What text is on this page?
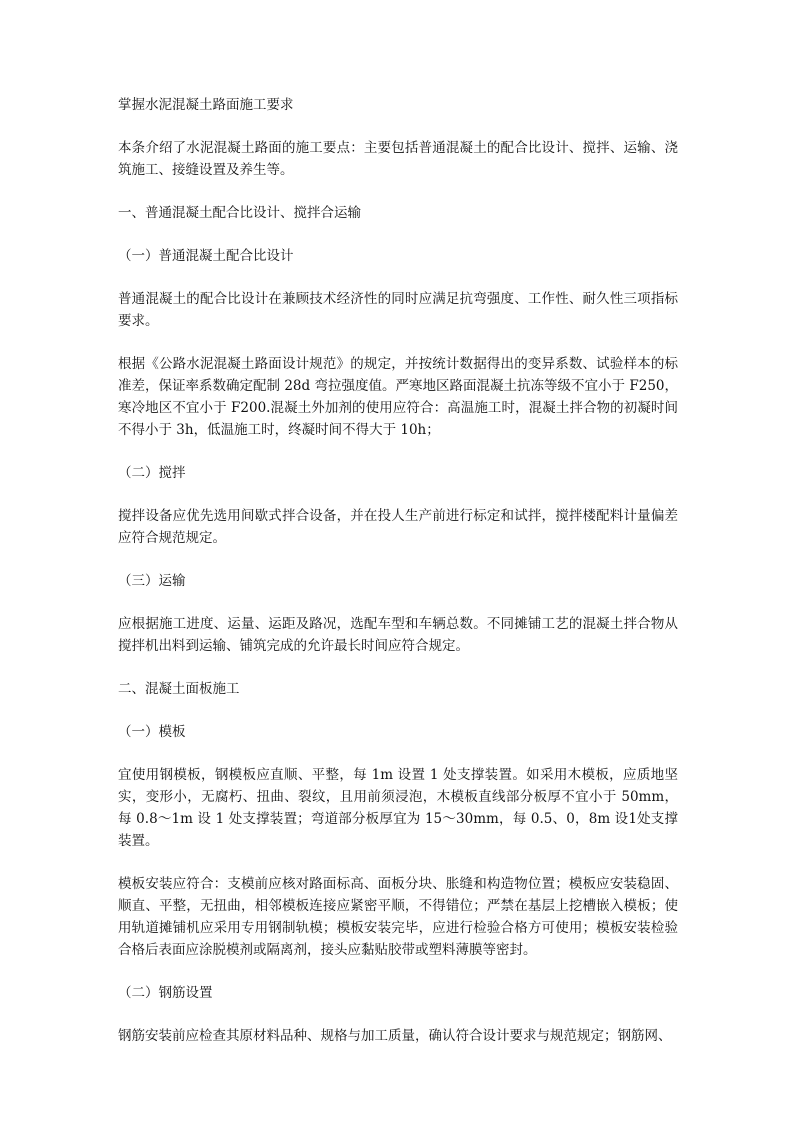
掌握水泥混凝土路面施工要求

本条介绍了水泥混凝土路面的施工要点：主要包括普通混凝土的配合比设计、搅拌、运输、浇筑施工、接缝设置及养生等。

一、普通混凝土配合比设计、搅拌合运输

（一）普通混凝土配合比设计

普通混凝土的配合比设计在兼顾技术经济性的同时应满足抗弯强度、工作性、耐久性三项指标要求。

根据《公路水泥混凝土路面设计规范》的规定，并按统计数据得出的变异系数、试验样本的标准差，保证率系数确定配制 28d 弯拉强度值。严寒地区路面混凝土抗冻等级不宜小于 F250，寒冷地区不宜小于 F200.混凝土外加剂的使用应符合：高温施工时，混凝土拌合物的初凝时间不得小于 3h，低温施工时，终凝时间不得大于 10h；

（二）搅拌

搅拌设备应优先选用间歇式拌合设备，并在投人生产前进行标定和试拌，搅拌楼配料计量偏差应符合规范规定。

（三）运输

应根据施工进度、运量、运距及路况，选配车型和车辆总数。不同摊铺工艺的混凝土拌合物从搅拌机出料到运输、铺筑完成的允许最长时间应符合规定。

二、混凝土面板施工

（一）模板

宜使用钢模板，钢模板应直顺、平整，每 1m 设置 1 处支撑装置。如采用木模板，应质地坚实，变形小，无腐朽、扭曲、裂纹，且用前须浸泡，木模板直线部分板厚不宜小于 50mm，每 0.8～1m 设 1 处支撑装置；弯道部分板厚宜为 15～30mm，每 0.5、0，8m 设1处支撑装置。

模板安装应符合：支模前应核对路面标高、面板分块、胀缝和构造物位置；模板应安装稳固、顺直、平整，无扭曲，相邻模板连接应紧密平顺，不得错位；严禁在基层上挖槽嵌入模板；使用轨道摊铺机应采用专用钢制轨模；模板安装完毕，应进行检验合格方可使用；模板安装检验合格后表面应涂脱模剂或隔离剂，接头应黏贴胶带或塑料薄膜等密封。

（二）钢筋设置

钢筋安装前应检查其原材料品种、规格与加工质量，确认符合设计要求与规范规定；钢筋网、
